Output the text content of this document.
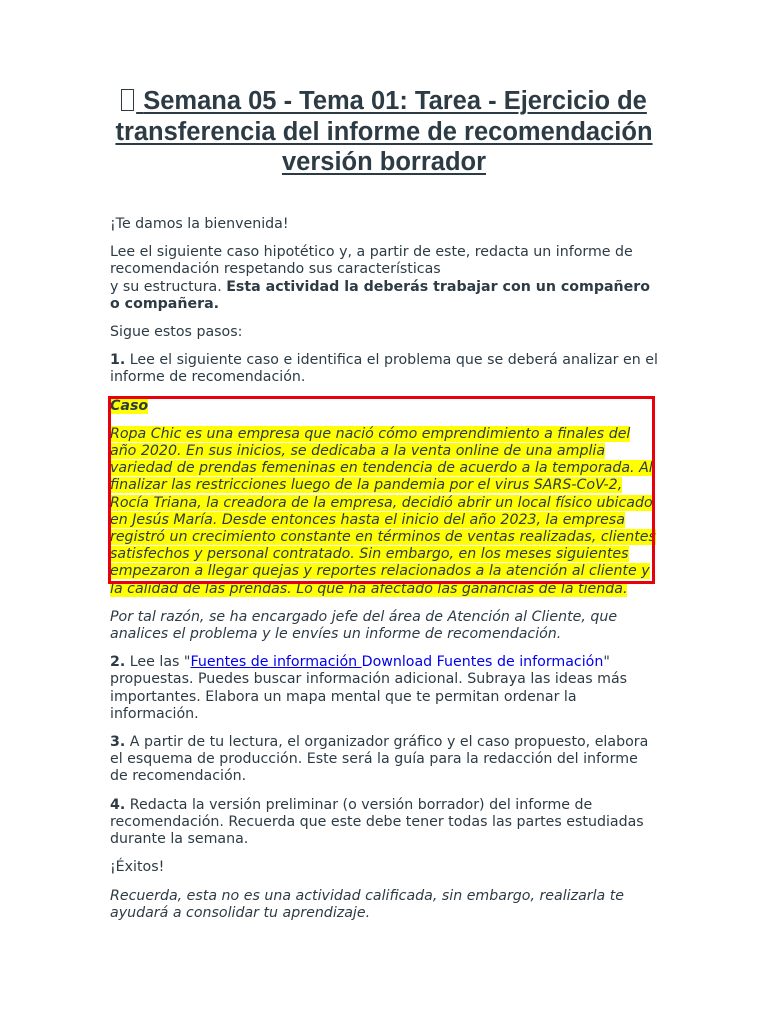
Semana 05 - Tema 01: Tarea - Ejercicio de transferencia del informe de recomendación versión borrador

¡Te damos la bienvenida!

Lee el siguiente caso hipotético y, a partir de este, redacta un informe de recomendación respetando sus características
y su estructura. Esta actividad la deberás trabajar con un compañero o compañera.

Sigue estos pasos:

1. Lee el siguiente caso e identifica el problema que se deberá analizar en el informe de recomendación.

Caso

Ropa Chic es una empresa que nació cómo emprendimiento a finales del año 2020. En sus inicios, se dedicaba a la venta online de una amplia variedad de prendas femeninas en tendencia de acuerdo a la temporada. Al finalizar las restricciones luego de la pandemia por el virus SARS-CoV-2, Rocía Triana, la creadora de la empresa, decidió abrir un local físico ubicado en Jesús María. Desde entonces hasta el inicio del año 2023, la empresa registró un crecimiento constante en términos de ventas realizadas, clientes satisfechos y personal contratado. Sin embargo, en los meses siguientes empezaron a llegar quejas y reportes relacionados a la atención al cliente y la calidad de las prendas. Lo que ha afectado las ganancias de la tienda.

Por tal razón, se ha encargado jefe del área de Atención al Cliente, que analices el problema y le envíes un informe de recomendación.

2. Lee las "Fuentes de información Download Fuentes de información" propuestas. Puedes buscar información adicional. Subraya las ideas más importantes. Elabora un mapa mental que te permitan ordenar la información.

3. A partir de tu lectura, el organizador gráfico y el caso propuesto, elabora el esquema de producción. Este será la guía para la redacción del informe de recomendación.

4. Redacta la versión preliminar (o versión borrador) del informe de recomendación. Recuerda que este debe tener todas las partes estudiadas durante la semana.

¡Éxitos!

Recuerda, esta no es una actividad calificada, sin embargo, realizarla te ayudará a consolidar tu aprendizaje.
